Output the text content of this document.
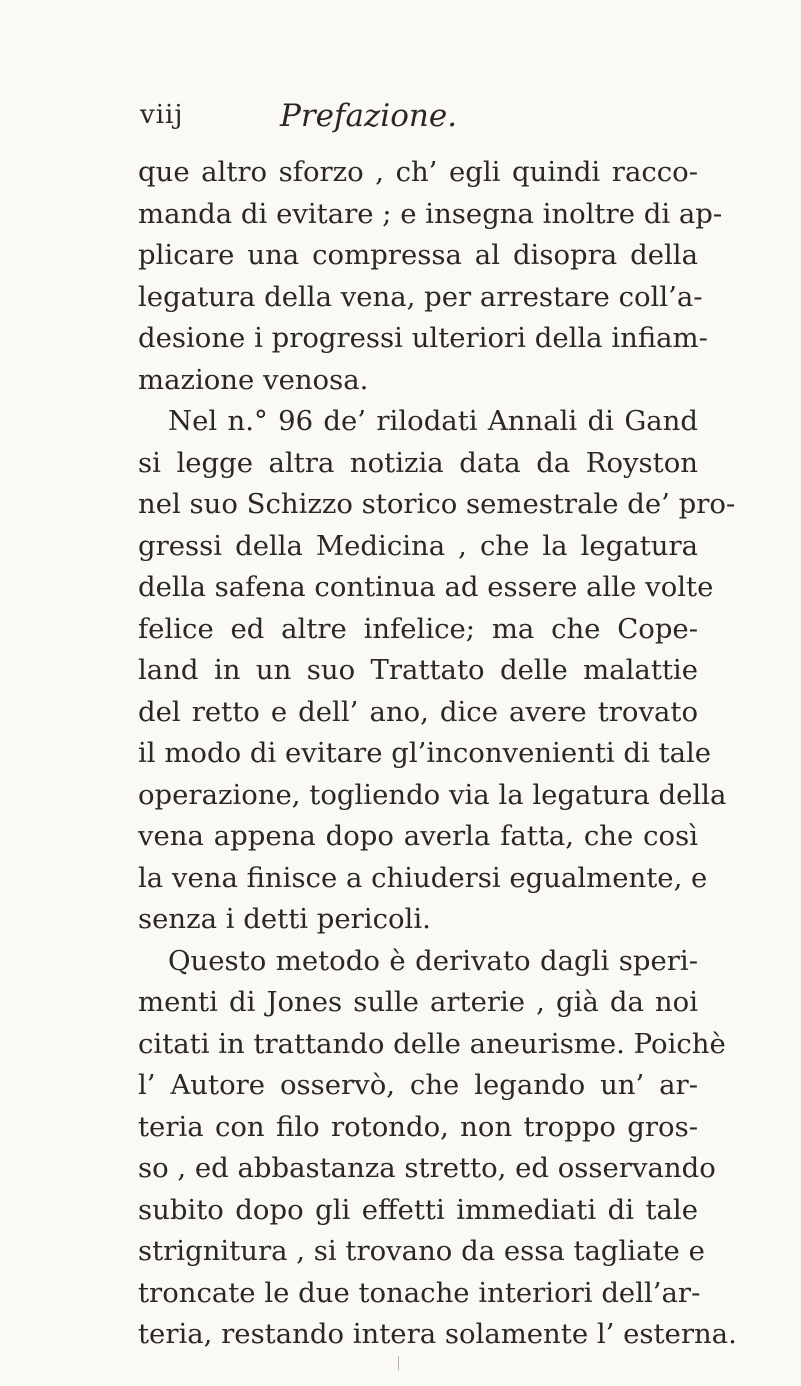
viij	Prefazione.
que altro sforzo , ch’ egli quindi racco-
manda di evitare ; e insegna inoltre di ap-
plicare una compressa al disopra della
legatura della vena, per arrestare coll’a-
desione i progressi ulteriori della infiam-
mazione venosa.
Nel n.° 96 de’ rilodati Annali di Gand
si legge altra notizia data da Royston
nel suo Schizzo storico semestrale de’ pro-
gressi della Medicina , che la legatura
della safena continua ad essere alle volte
felice ed altre infelice; ma che Cope-
land in un suo Trattato delle malattie
del retto e dell’ ano, dice avere trovato
il modo di evitare gl’inconvenienti di tale
operazione, togliendo via la legatura della
vena appena dopo averla fatta, che così
la vena finisce a chiudersi egualmente, e
senza i detti pericoli.
Questo metodo è derivato dagli speri-
menti di Jones sulle arterie , già da noi
citati in trattando delle aneurisme. Poichè
l’ Autore osservò, che legando un’ ar-
teria con filo rotondo, non troppo gros-
so , ed abbastanza stretto, ed osservando
subito dopo gli effetti immediati di tale
strignitura , si trovano da essa tagliate e
troncate le due tonache interiori dell’ar-
teria, restando intera solamente l’ esterna.
